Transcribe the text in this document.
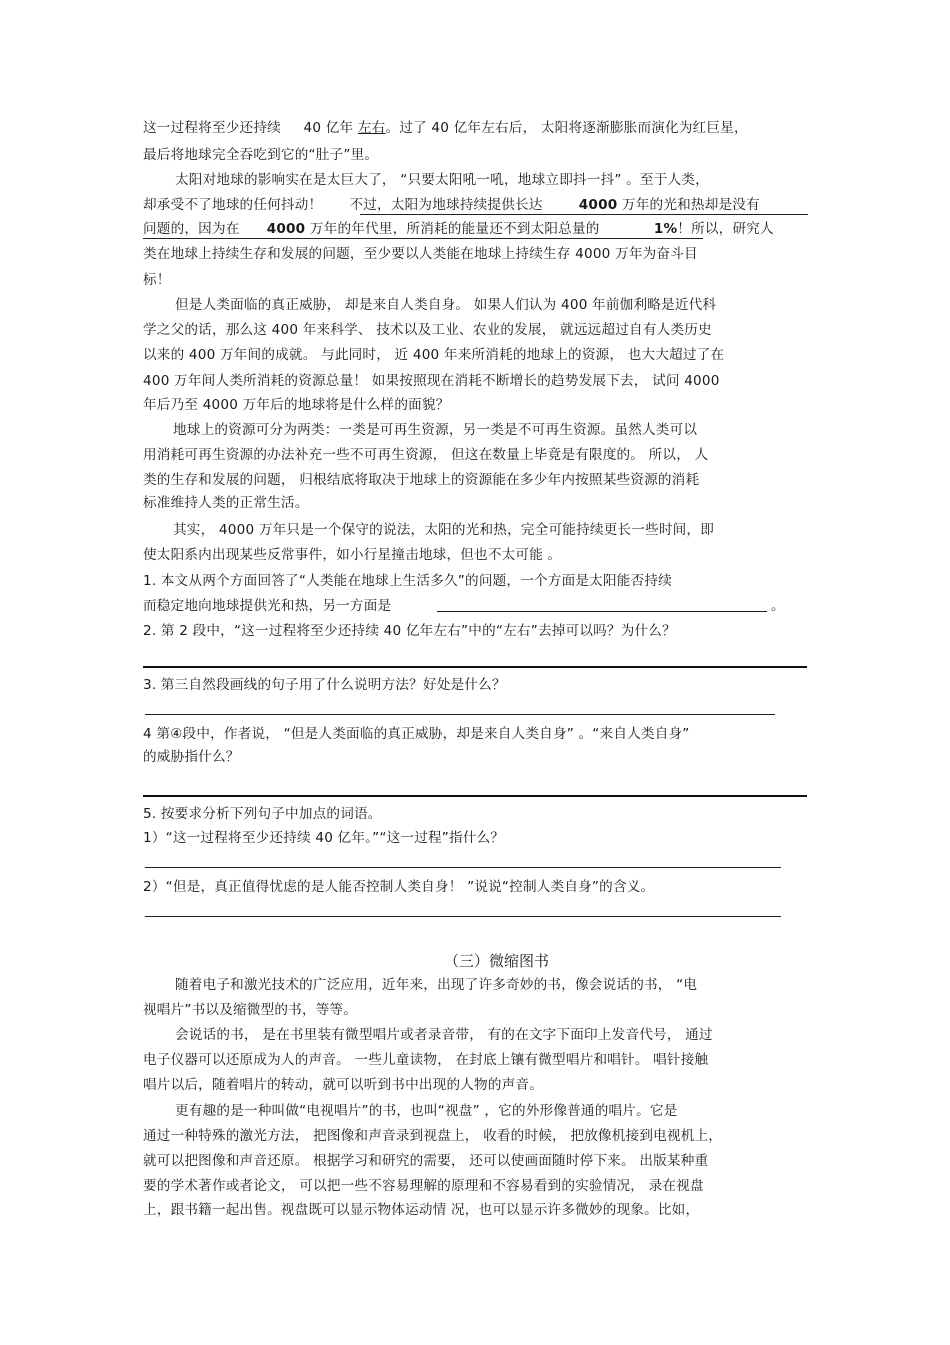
这一过程将至少还持续 40 亿年 左右。过了 40 亿年左右后， 太阳将逐渐膨胀而演化为红巨星，
最后将地球完全吞吃到它的“肚子”里。
太阳对地球的影响实在是太巨大了， “只要太阳吼一吼，地球立即抖一抖” 。至于人类，
却承受不了地球的任何抖动！ 不过，太阳为地球持续提供长达	4000 万年的光和热却是没有
问题的，因为在 4000 万年的年代里，所消耗的能量还不到太阳总量的	1%！所以，研究人
类在地球上持续生存和发展的问题，至少要以人类能在地球上持续生存 4000 万年为奋斗目
标！
但是人类面临的真正威胁， 却是来自人类自身。 如果人们认为 400 年前伽利略是近代科
学之父的话，那么这 400 年来科学、 技术以及工业、农业的发展， 就远远超过自有人类历史
以来的 400 万年间的成就。 与此同时， 近 400 年来所消耗的地球上的资源， 也大大超过了在
400 万年间人类所消耗的资源总量！ 如果按照现在消耗不断增长的趋势发展下去， 试问 4000
年后乃至 4000 万年后的地球将是什么样的面貌？
地球上的资源可分为两类：一类是可再生资源，另一类是不可再生资源。虽然人类可以
用消耗可再生资源的办法补充一些不可再生资源， 但这在数量上毕竟是有限度的。 所以， 人
类的生存和发展的问题， 归根结底将取决于地球上的资源能在多少年内按照某些资源的消耗
标准维持人类的正常生活。
其实， 4000 万年只是一个保守的说法，太阳的光和热，完全可能持续更长一些时间，即
使太阳系内出现某些反常事件，如小行星撞击地球，但也不太可能 。
1. 本文从两个方面回答了“人类能在地球上生活多久”的问题，一个方面是太阳能否持续
而稳定地向地球提供光和热，另一方面是	。
2. 第 2 段中，“这一过程将至少还持续 40 亿年左右”中的“左右”去掉可以吗？为什么？
3. 第三自然段画线的句子用了什么说明方法？好处是什么？
4 第④段中，作者说， “但是人类面临的真正威胁，却是来自人类自身” 。“来自人类自身”
的威胁指什么？
5. 按要求分析下列句子中加点的词语。
1）“这一过程将至少还持续 40 亿年。”“这一过程”指什么？
2）“但是，真正值得忧虑的是人能否控制人类自身！ ”说说“控制人类自身”的含义。
（三）微缩图书
随着电子和激光技术的广泛应用，近年来，出现了许多奇妙的书，像会说话的书， “电
视唱片”书以及缩微型的书，等等。
会说话的书， 是在书里装有微型唱片或者录音带， 有的在文字下面印上发音代号， 通过
电子仪器可以还原成为人的声音。 一些儿童读物， 在封底上镶有微型唱片和唱针。 唱针接触
唱片以后，随着唱片的转动，就可以听到书中出现的人物的声音。
更有趣的是一种叫做“电视唱片”的书，也叫“视盘” ，它的外形像普通的唱片。它是
通过一种特殊的激光方法， 把图像和声音录到视盘上， 收看的时候， 把放像机接到电视机上，
就可以把图像和声音还原。 根据学习和研究的需要， 还可以使画面随时停下来。 出版某种重
要的学术著作或者论文， 可以把一些不容易理解的原理和不容易看到的实验情况， 录在视盘
上，跟书籍一起出售。视盘既可以显示物体运动情 况，也可以显示许多微妙的现象。比如，
